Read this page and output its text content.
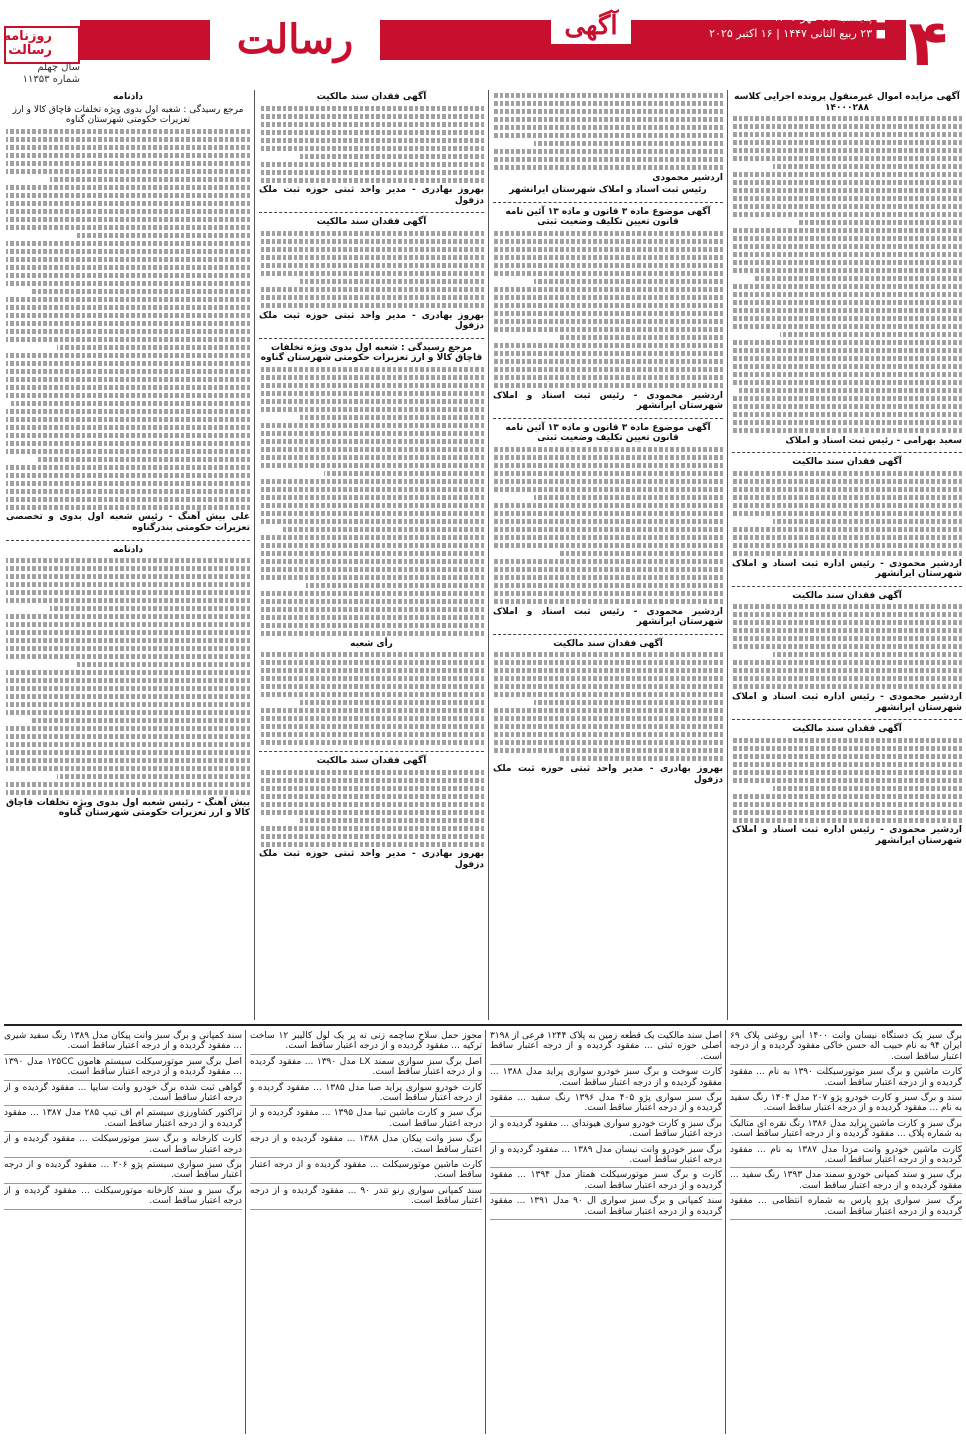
۴
■ پنجشنبه ۲۴ مهر ۱۴۰۴
■ ۲۳ ربیع الثانی ۱۴۴۷ | ۱۶ اکتبر ۲۰۲۵
آگهی
رسالت
روزنامه رسالت
سال چهلم
شماره ۱۱۳۵۳
آگهی مزایده اموال غیرمنقول پرونده اجرایی کلاسه ۱۴۰۰۰۲۸۸
سعید بهرامی - رئیس ثبت اسناد و املاک
آگهی فقدان سند مالکیت
اردشیر محمودی - رئیس اداره ثبت اسناد و املاک شهرستان ایرانشهر
آگهی فقدان سند مالکیت
اردشیر محمودی - رئیس اداره ثبت اسناد و املاک شهرستان ایرانشهر
آگهی فقدان سند مالکیت
اردشیر محمودی - رئیس اداره ثبت اسناد و املاک شهرستان ایرانشهر
اردشیر محمودی
رئیس ثبت اسناد و املاک شهرستان ایرانشهر
آگهی موضوع ماده ۳ قانون و ماده ۱۳ آئین نامه قانون تعیین تکلیف وضعیت ثبتی
اردشیر محمودی - رئیس ثبت اسناد و املاک شهرستان ایرانشهر
آگهی موضوع ماده ۳ قانون و ماده ۱۳ آئین نامه قانون تعیین تکلیف وضعیت ثبتی
اردشیر محمودی - رئیس ثبت اسناد و املاک شهرستان ایرانشهر
آگهی فقدان سند مالکیت
بهروز بهادری - مدیر واحد ثبتی حوزه ثبت ملک دزفول
آگهی فقدان سند مالکیت
بهروز بهادری - مدیر واحد ثبتی حوزه ثبت ملک دزفول
آگهی فقدان سند مالکیت
بهروز بهادری - مدیر واحد ثبتی حوزه ثبت ملک دزفول
مرجع رسیدگی : شعبه اول بدوی ویژه تخلفات قاچاق کالا و ارز تعزیرات حکومتی شهرستان گناوه
رأی شعبه
آگهی فقدان سند مالکیت
بهروز بهادری - مدیر واحد ثبتی حوزه ثبت ملک دزفول
دادنامه
مرجع رسیدگی : شعبه اول بدوی ویژه تخلفات قاچاق کالا و ارز تعزیرات حکومتی شهرستان گناوه
علی بیش آهنگ - رئیس شعبه اول بدوی و تخصصی تعزیرات حکومتی بندرگناوه
دادنامه
بیش آهنگ - رئیس شعبه اول بدوی ویژه تخلفات قاچاق کالا و ارز تعزیرات حکومتی شهرستان گناوه
برگ سبز یک دستگاه نیسان وانت ۱۴۰۰ آبی روغنی پلاک ۶۹ ایران ۹۴ به نام حبیب اله حسن خاکی مفقود گردیده و از درجه اعتبار ساقط است.
کارت ماشین و برگ سبز موتورسیکلت ۱۳۹۰ به نام ... مفقود گردیده و از درجه اعتبار ساقط است.
سند و برگ سبز و کارت خودرو پژو ۲۰۷ مدل ۱۴۰۴ رنگ سفید به نام ... مفقود گردیده و از درجه اعتبار ساقط است.
برگ سبز و کارت ماشین پراید مدل ۱۳۸۶ رنگ نقره ای متالیک به شماره پلاک ... مفقود گردیده و از درجه اعتبار ساقط است.
کارت ماشین خودرو وانت مزدا مدل ۱۳۸۷ به نام ... مفقود گردیده و از درجه اعتبار ساقط است.
برگ سبز و سند کمپانی خودرو سمند مدل ۱۳۹۳ رنگ سفید ... مفقود گردیده و از درجه اعتبار ساقط است.
برگ سبز سواری پژو پارس به شماره انتظامی ... مفقود گردیده و از درجه اعتبار ساقط است.
اصل سند مالکیت یک قطعه زمین به پلاک ۱۲۴۴ فرعی از ۳۱۹۸ اصلی حوزه ثبتی ... مفقود گردیده و از درجه اعتبار ساقط است.
کارت سوخت و برگ سبز خودرو سواری پراید مدل ۱۳۸۸ ... مفقود گردیده و از درجه اعتبار ساقط است.
برگ سبز سواری پژو ۴۰۵ مدل ۱۳۹۶ رنگ سفید ... مفقود گردیده و از درجه اعتبار ساقط است.
برگ سبز و کارت خودرو سواری هیوندای ... مفقود گردیده و از درجه اعتبار ساقط است.
برگ سبز خودرو وانت نیسان مدل ۱۳۸۹ ... مفقود گردیده و از درجه اعتبار ساقط است.
کارت و برگ سبز موتورسیکلت همتاز مدل ۱۳۹۴ ... مفقود گردیده و از درجه اعتبار ساقط است.
سند کمپانی و برگ سبز سواری ال ۹۰ مدل ۱۳۹۱ ... مفقود گردیده و از درجه اعتبار ساقط است.
مجوز حمل سلاح ساچمه زنی ته پر یک لول کالیبر ۱۲ ساخت ترکیه ... مفقود گردیده و از درجه اعتبار ساقط است.
اصل برگ سبز سواری سمند LX مدل ۱۳۹۰ ... مفقود گردیده و از درجه اعتبار ساقط است.
کارت خودرو سواری پراید صبا مدل ۱۳۸۵ ... مفقود گردیده و از درجه اعتبار ساقط است.
برگ سبز و کارت ماشین تیبا مدل ۱۳۹۵ ... مفقود گردیده و از درجه اعتبار ساقط است.
برگ سبز وانت پیکان مدل ۱۳۸۸ ... مفقود گردیده و از درجه اعتبار ساقط است.
کارت ماشین موتورسیکلت ... مفقود گردیده و از درجه اعتبار ساقط است.
سند کمپانی سواری رنو تندر ۹۰ ... مفقود گردیده و از درجه اعتبار ساقط است.
سند کمپانی و برگ سبز وانت پیکان مدل ۱۳۸۹ رنگ سفید شیری ... مفقود گردیده و از درجه اعتبار ساقط است.
اصل برگ سبز موتورسیکلت سیستم هامون ۱۲۵CC مدل ۱۳۹۰ ... مفقود گردیده و از درجه اعتبار ساقط است.
گواهی ثبت شده برگ خودرو وانت سایپا ... مفقود گردیده و از درجه اعتبار ساقط است.
تراکتور کشاورزی سیستم ام اف تیپ ۲۸۵ مدل ۱۳۸۷ ... مفقود گردیده و از درجه اعتبار ساقط است.
کارت کارخانه و برگ سبز موتورسیکلت ... مفقود گردیده و از درجه اعتبار ساقط است.
برگ سبز سواری سیستم پژو ۲۰۶ ... مفقود گردیده و از درجه اعتبار ساقط است.
برگ سبز و سند کارخانه موتورسیکلت ... مفقود گردیده و از درجه اعتبار ساقط است.
